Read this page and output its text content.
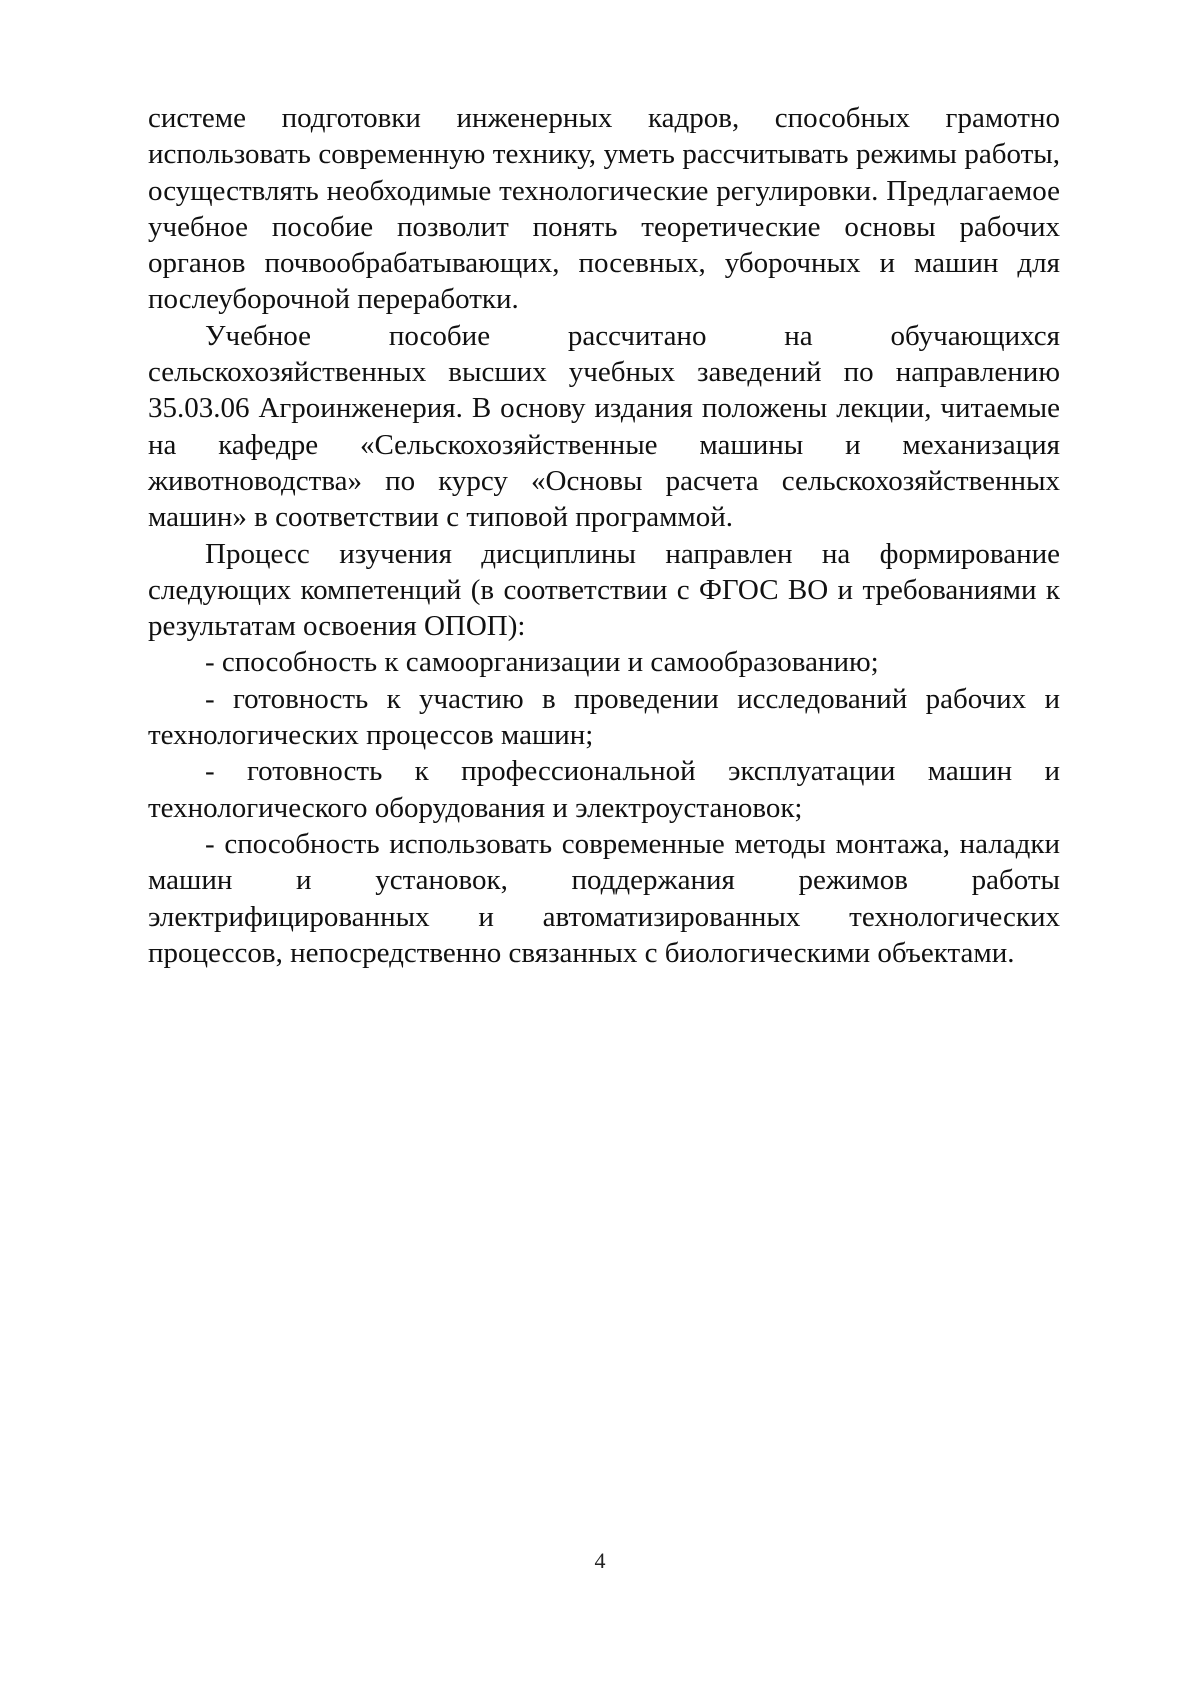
системе подготовки инженерных кадров, способных грамотно использовать современную технику, уметь рассчитывать режимы работы, осуществлять необходимые технологические регулировки. Предлагаемое учебное пособие позволит понять теоретические основы рабочих органов почвообрабатывающих, посевных, уборочных и машин для послеуборочной переработки.

Учебное пособие рассчитано на обучающихся сельскохозяйственных высших учебных заведений по направлению 35.03.06 Агроинженерия. В основу издания положены лекции, читаемые на кафедре «Сельскохозяйственные машины и механизация животноводства» по курсу «Основы расчета сельскохозяйственных машин» в соответствии с типовой программой.

Процесс изучения дисциплины направлен на формирование следующих компетенций (в соответствии с ФГОС ВО и требованиями к результатам освоения ОПОП):

- способность к самоорганизации и самообразованию;

- готовность к участию в проведении исследований рабочих и технологических процессов машин;

- готовность к профессиональной эксплуатации машин и технологического оборудования и электроустановок;

- способность использовать современные методы монтажа, наладки машин и установок, поддержания режимов работы электрифицированных и автоматизированных технологических процессов, непосредственно связанных с биологическими объектами.

4
